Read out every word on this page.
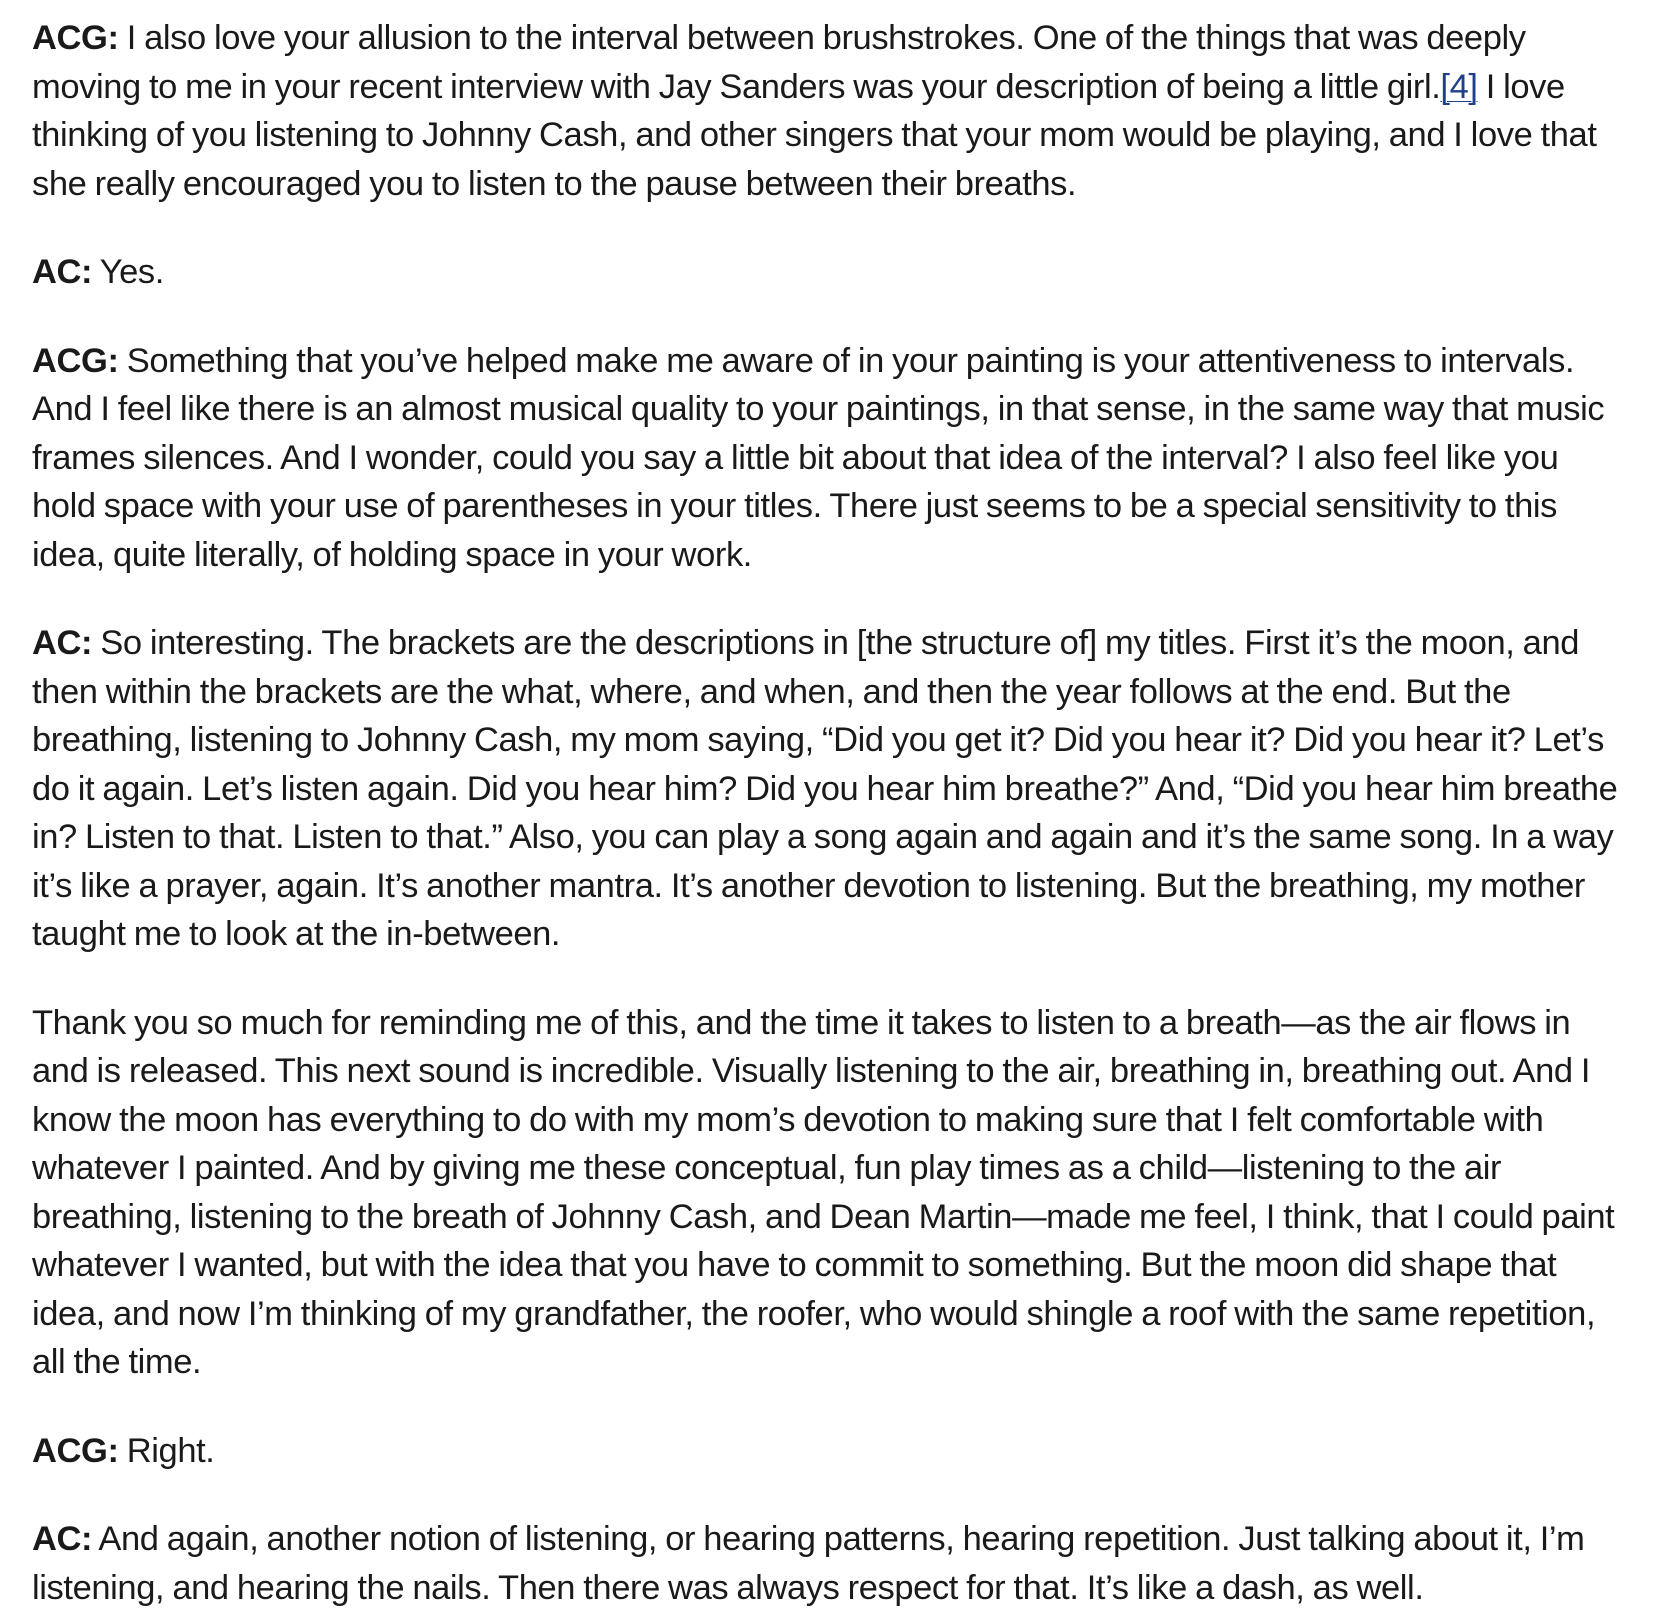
ACG: I also love your allusion to the interval between brushstrokes. One of the things that was deeply moving to me in your recent interview with Jay Sanders was your description of being a little girl.[4] I love thinking of you listening to Johnny Cash, and other singers that your mom would be playing, and I love that she really encouraged you to listen to the pause between their breaths.

AC: Yes.

ACG: Something that you’ve helped make me aware of in your painting is your attentiveness to intervals. And I feel like there is an almost musical quality to your paintings, in that sense, in the same way that music frames silences. And I wonder, could you say a little bit about that idea of the interval? I also feel like you hold space with your use of parentheses in your titles. There just seems to be a special sensitivity to this idea, quite literally, of holding space in your work.

AC: So interesting. The brackets are the descriptions in [the structure of] my titles. First it’s the moon, and then within the brackets are the what, where, and when, and then the year follows at the end. But the breathing, listening to Johnny Cash, my mom saying, “Did you get it? Did you hear it? Did you hear it? Let’s do it again. Let’s listen again. Did you hear him? Did you hear him breathe?” And, “Did you hear him breathe in? Listen to that. Listen to that.” Also, you can play a song again and again and it’s the same song. In a way it’s like a prayer, again. It’s another mantra. It’s another devotion to listening. But the breathing, my mother taught me to look at the in-between.

Thank you so much for reminding me of this, and the time it takes to listen to a breath—as the air flows in and is released. This next sound is incredible. Visually listening to the air, breathing in, breathing out. And I know the moon has everything to do with my mom’s devotion to making sure that I felt comfortable with whatever I painted. And by giving me these conceptual, fun play times as a child—listening to the air breathing, listening to the breath of Johnny Cash, and Dean Martin—made me feel, I think, that I could paint whatever I wanted, but with the idea that you have to commit to something. But the moon did shape that idea, and now I’m thinking of my grandfather, the roofer, who would shingle a roof with the same repetition, all the time.

ACG: Right.

AC: And again, another notion of listening, or hearing patterns, hearing repetition. Just talking about it, I’m listening, and hearing the nails. Then there was always respect for that. It’s like a dash, as well.
